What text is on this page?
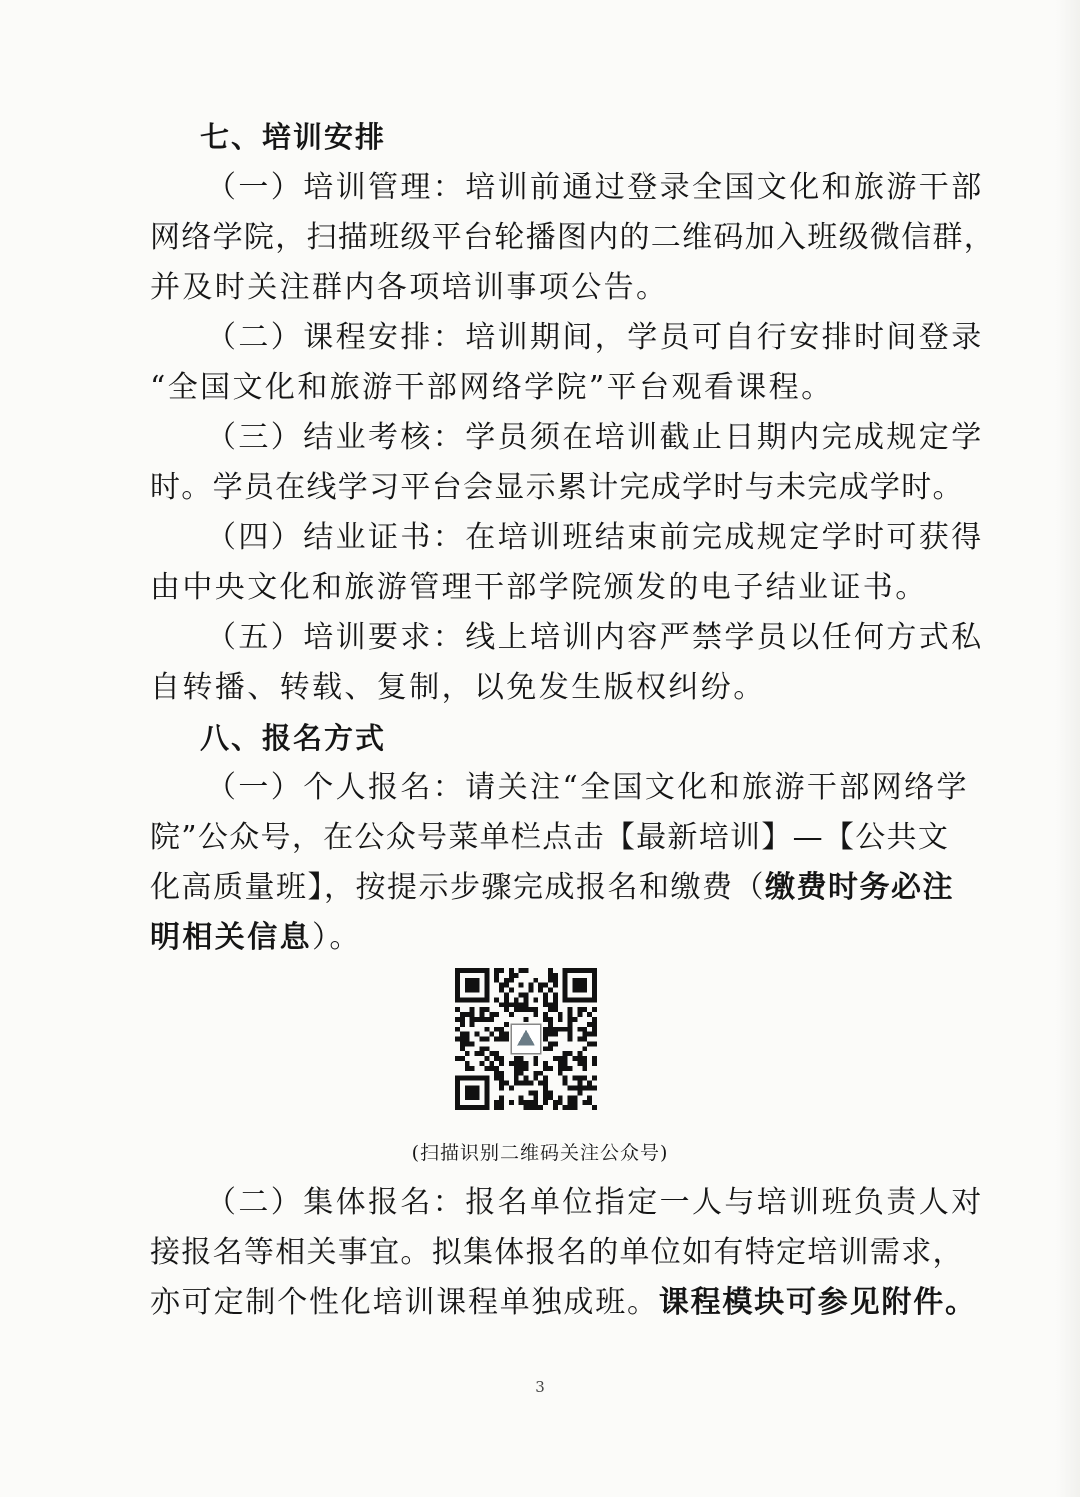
七、培训安排
（一）培训管理：培训前通过登录全国文化和旅游干部
网络学院，扫描班级平台轮播图内的二维码加入班级微信群，
并及时关注群内各项培训事项公告。
（二）课程安排：培训期间，学员可自行安排时间登录
“全国文化和旅游干部网络学院”平台观看课程。
（三）结业考核：学员须在培训截止日期内完成规定学
时。学员在线学习平台会显示累计完成学时与未完成学时。
（四）结业证书：在培训班结束前完成规定学时可获得
由中央文化和旅游管理干部学院颁发的电子结业证书。
（五）培训要求：线上培训内容严禁学员以任何方式私
自转播、转载、复制，以免发生版权纠纷。
八、报名方式
（一）个人报名：请关注“全国文化和旅游干部网络学
院”公众号，在公众号菜单栏点击【最新培训】—【公共文
化高质量班】，按提示步骤完成报名和缴费（缴费时务必注
明相关信息）。
（二）集体报名：报名单位指定一人与培训班负责人对
接报名等相关事宜。拟集体报名的单位如有特定培训需求，
亦可定制个性化培训课程单独成班。课程模块可参见附件。
(扫描识别二维码关注公众号)
3
